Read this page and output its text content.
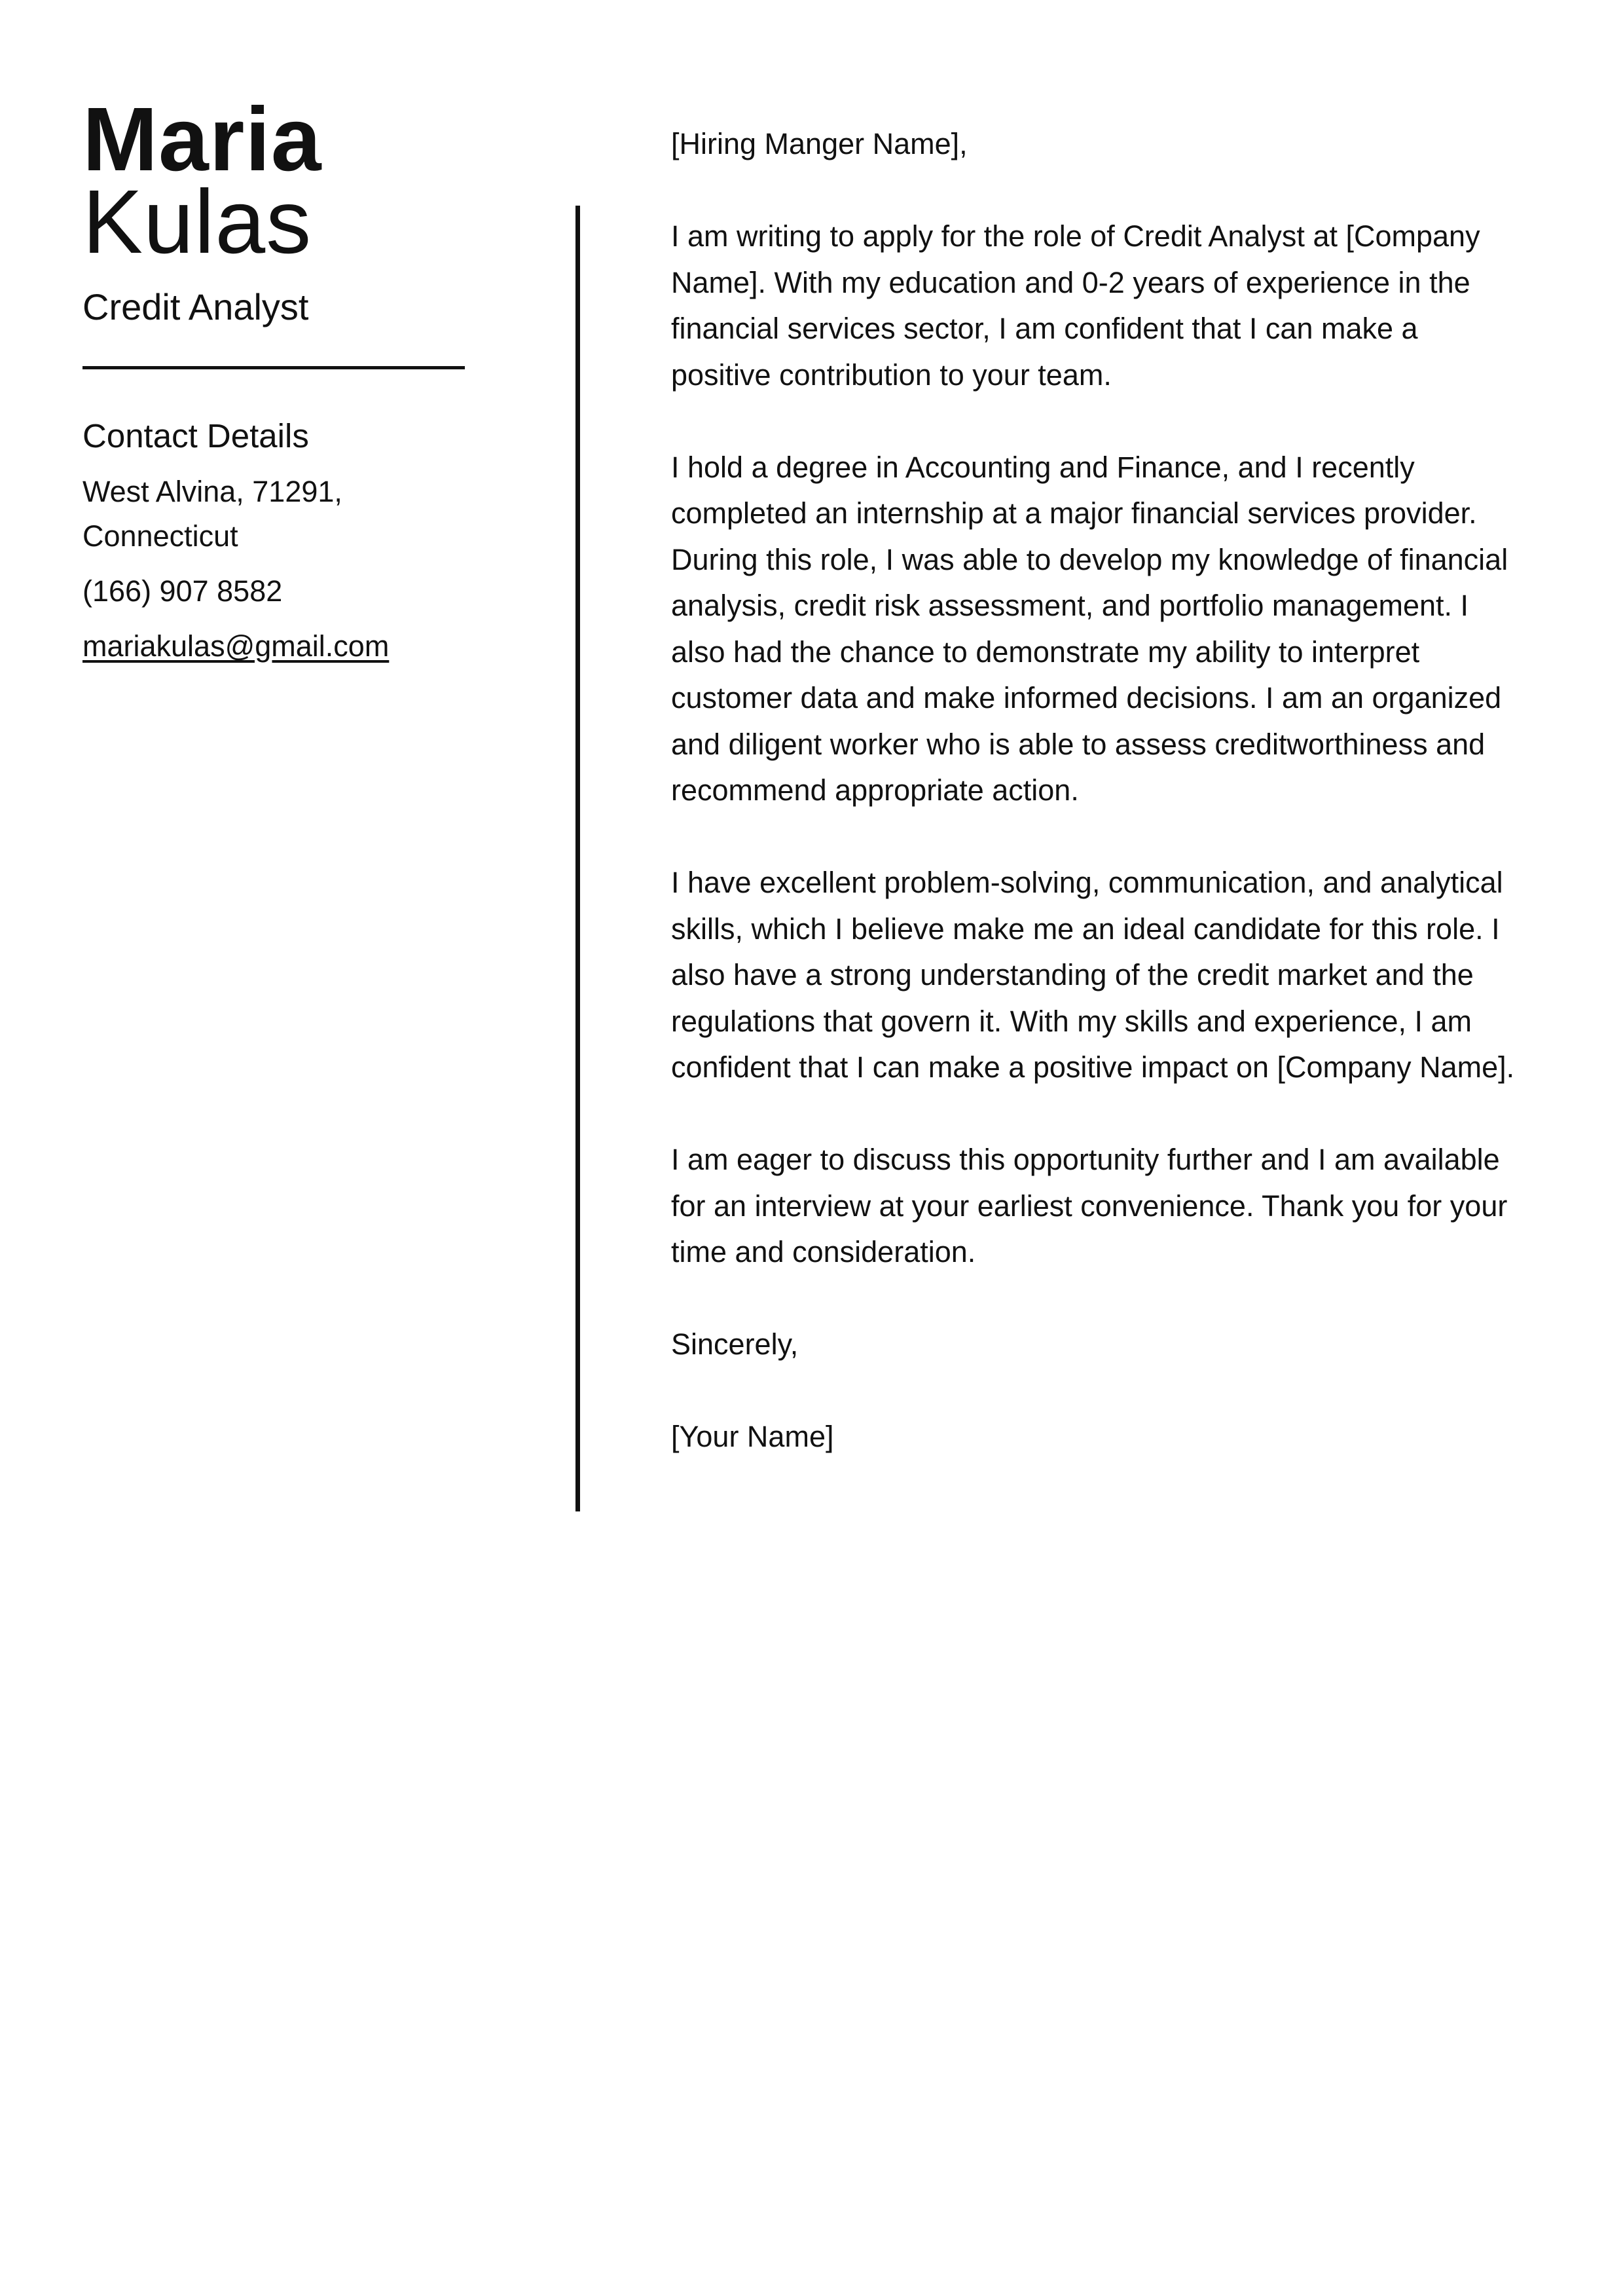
Maria
Kulas
Credit Analyst
Contact Details
West Alvina, 71291, Connecticut
(166) 907 8582
mariakulas@gmail.com

[Hiring Manger Name],

I am writing to apply for the role of Credit Analyst at [Company Name]. With my education and 0-2 years of experience in the financial services sector, I am confident that I can make a positive contribution to your team.

I hold a degree in Accounting and Finance, and I recently completed an internship at a major financial services provider. During this role, I was able to develop my knowledge of financial analysis, credit risk assessment, and portfolio management. I also had the chance to demonstrate my ability to interpret customer data and make informed decisions. I am an organized and diligent worker who is able to assess creditworthiness and recommend appropriate action.

I have excellent problem-solving, communication, and analytical skills, which I believe make me an ideal candidate for this role. I also have a strong understanding of the credit market and the regulations that govern it. With my skills and experience, I am confident that I can make a positive impact on [Company Name].

I am eager to discuss this opportunity further and I am available for an interview at your earliest convenience. Thank you for your time and consideration.

Sincerely,

[Your Name]
